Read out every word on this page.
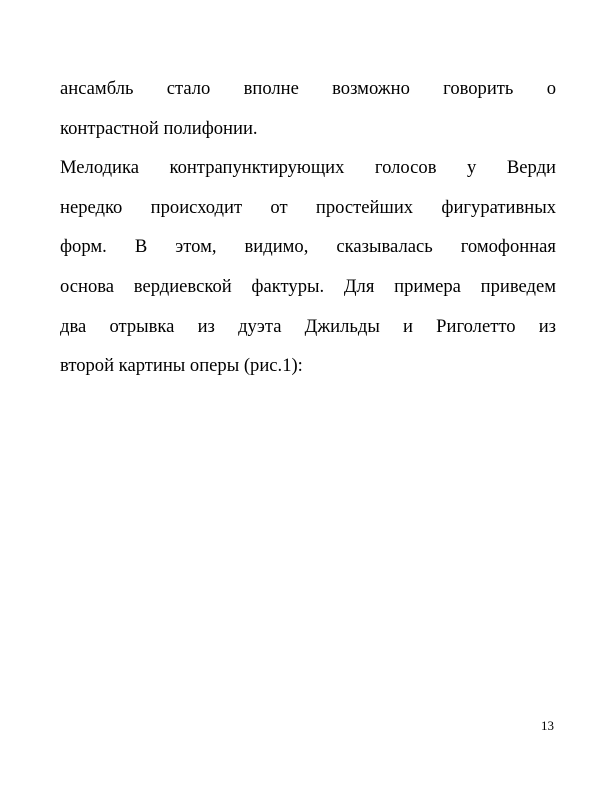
ансамбль стало вполне возможно говорить о
контрастной полифонии.
Мелодика контрапунктирующих голосов у Верди
нередко происходит от простейших фигуративных
форм. В этом, видимо, сказывалась гомофонная
основа вердиевской фактуры. Для примера приведем
два отрывка из дуэта Джильды и Риголетто из
второй картины оперы (рис.1):
13
